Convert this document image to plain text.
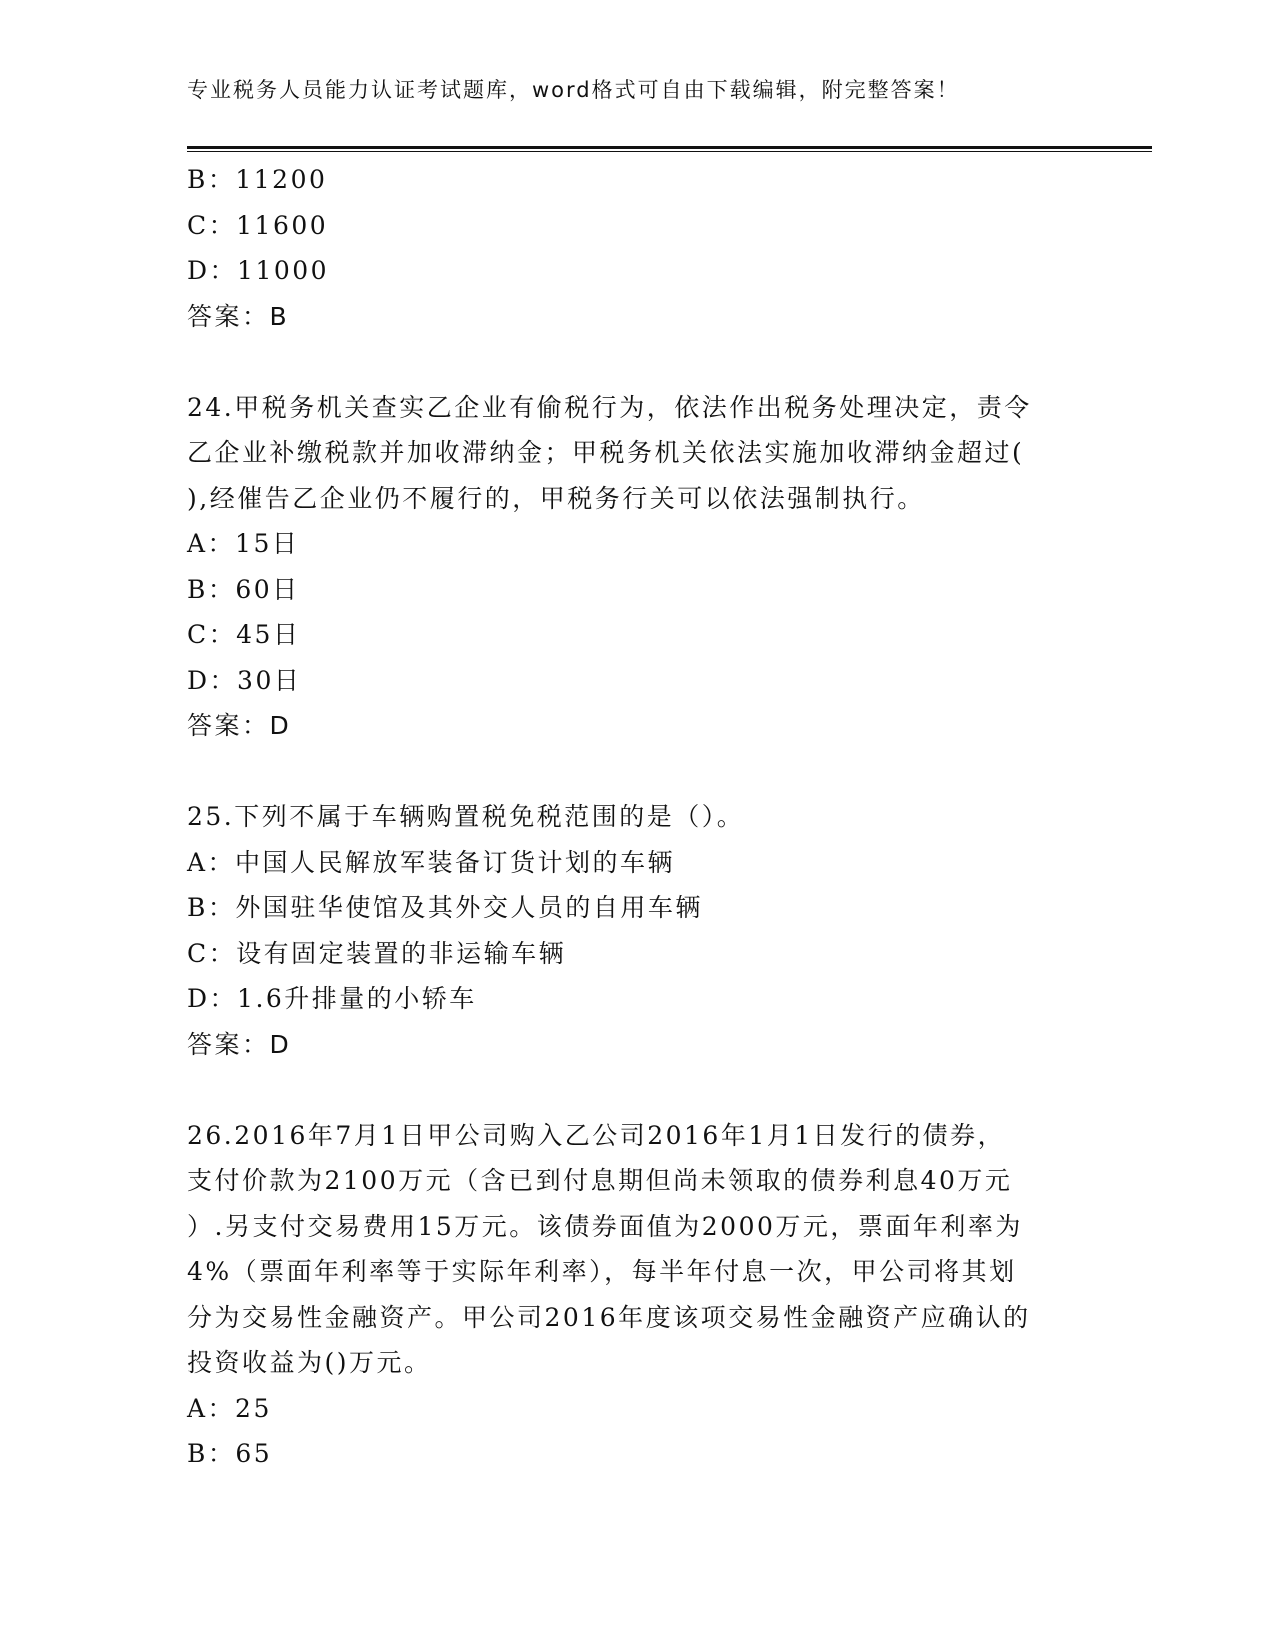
专业税务人员能力认证考试题库，word格式可自由下载编辑，附完整答案！
B：11200
C：11600
D：11000
答案：B
24.甲税务机关查实乙企业有偷税行为，依法作出税务处理决定，责令
乙企业补缴税款并加收滞纳金；甲税务机关依法实施加收滞纳金超过(
),经催告乙企业仍不履行的，甲税务行关可以依法强制执行。
A：15日
B：60日
C：45日
D：30日
答案：D
25.下列不属于车辆购置税免税范围的是（）。
A：中国人民解放军装备订货计划的车辆
B：外国驻华使馆及其外交人员的自用车辆
C：设有固定装置的非运输车辆
D：1.6升排量的小轿车
答案：D
26.2016年7月1日甲公司购入乙公司2016年1月1日发行的债券，
支付价款为2100万元（含已到付息期但尚未领取的债券利息40万元
）.另支付交易费用15万元。该债券面值为2000万元，票面年利率为
4%（票面年利率等于实际年利率），每半年付息一次，甲公司将其划
分为交易性金融资产。甲公司2016年度该项交易性金融资产应确认的
投资收益为()万元。
A：25
B：65
